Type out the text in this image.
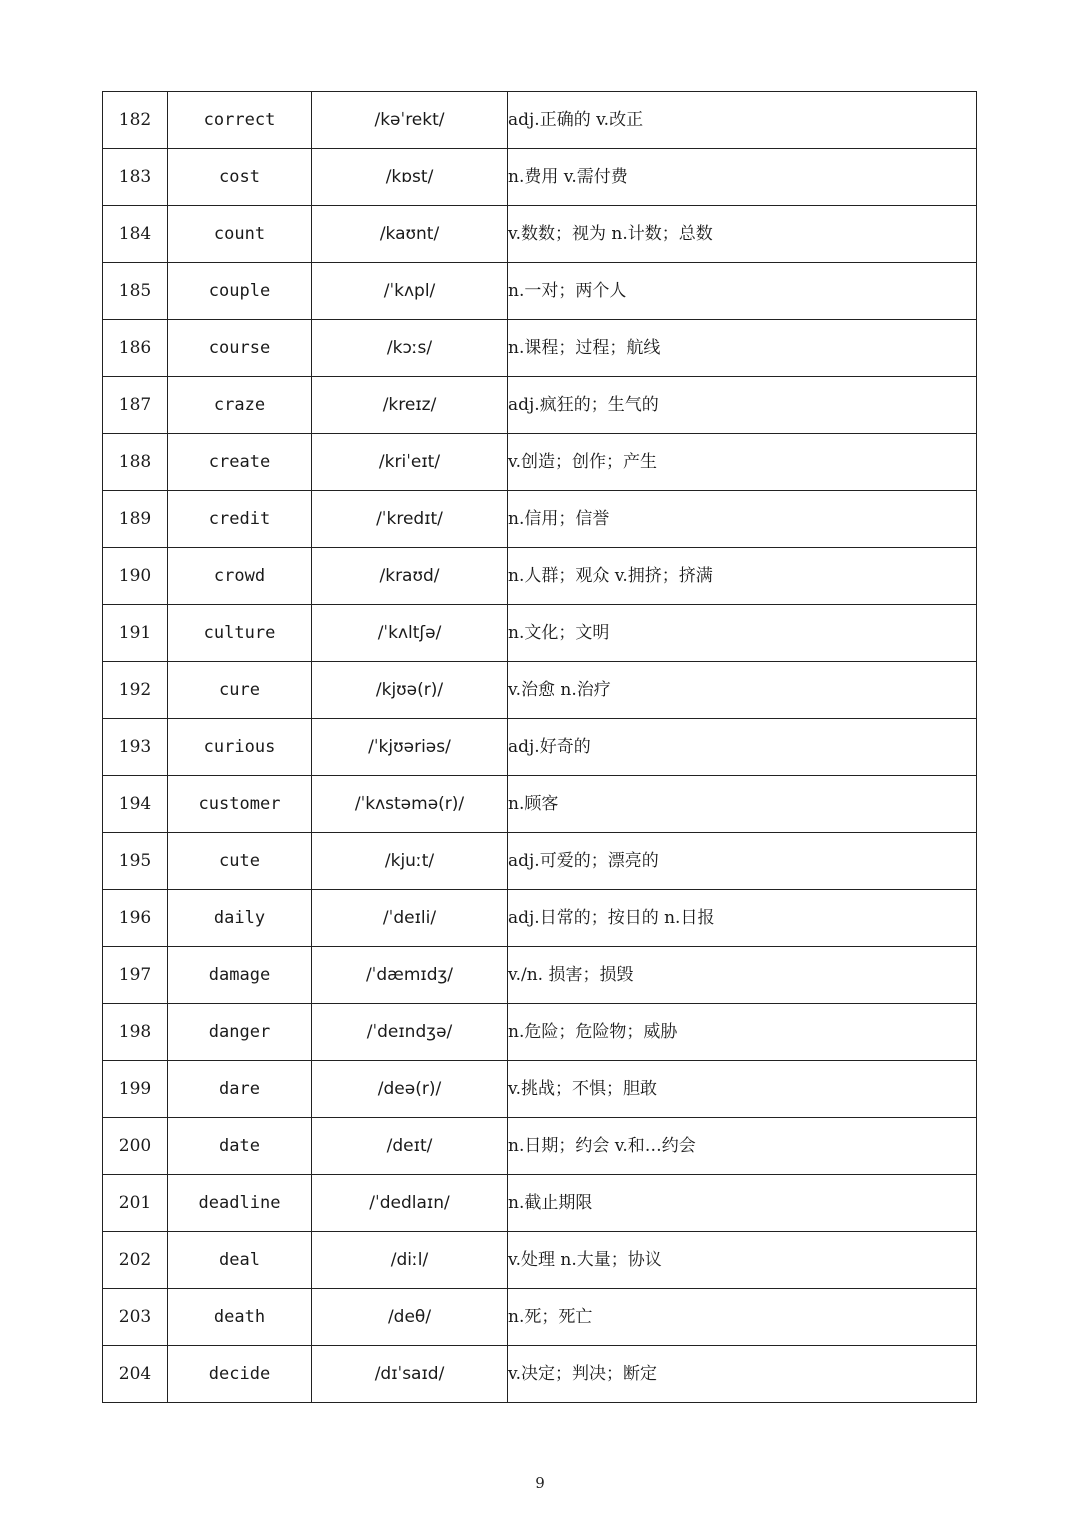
182	correct	/kəˈrekt/	adj.正确的 v.改正
183	cost	/kɒst/	n.费用 v.需付费
184	count	/kaʊnt/	v.数数；视为 n.计数；总数
185	couple	/ˈkʌpl/	n.一对；两个人
186	course	/kɔːs/	n.课程；过程；航线
187	craze	/kreɪz/	adj.疯狂的；生气的
188	create	/kriˈeɪt/	v.创造；创作；产生
189	credit	/ˈkredɪt/	n.信用；信誉
190	crowd	/kraʊd/	n.人群；观众 v.拥挤；挤满
191	culture	/ˈkʌltʃə/	n.文化；文明
192	cure	/kjʊə(r)/	v.治愈 n.治疗
193	curious	/ˈkjʊəriəs/	adj.好奇的
194	customer	/ˈkʌstəmə(r)/	n.顾客
195	cute	/kjuːt/	adj.可爱的；漂亮的
196	daily	/ˈdeɪli/	adj.日常的；按日的 n.日报
197	damage	/ˈdæmɪdʒ/	v./n. 损害；损毁
198	danger	/ˈdeɪndʒə/	n.危险；危险物；威胁
199	dare	/deə(r)/	v.挑战；不惧；胆敢
200	date	/deɪt/	n.日期；约会 v.和…约会
201	deadline	/ˈdedlaɪn/	n.截止期限
202	deal	/diːl/	v.处理 n.大量；协议
203	death	/deθ/	n.死；死亡
204	decide	/dɪˈsaɪd/	v.决定；判决；断定
9
